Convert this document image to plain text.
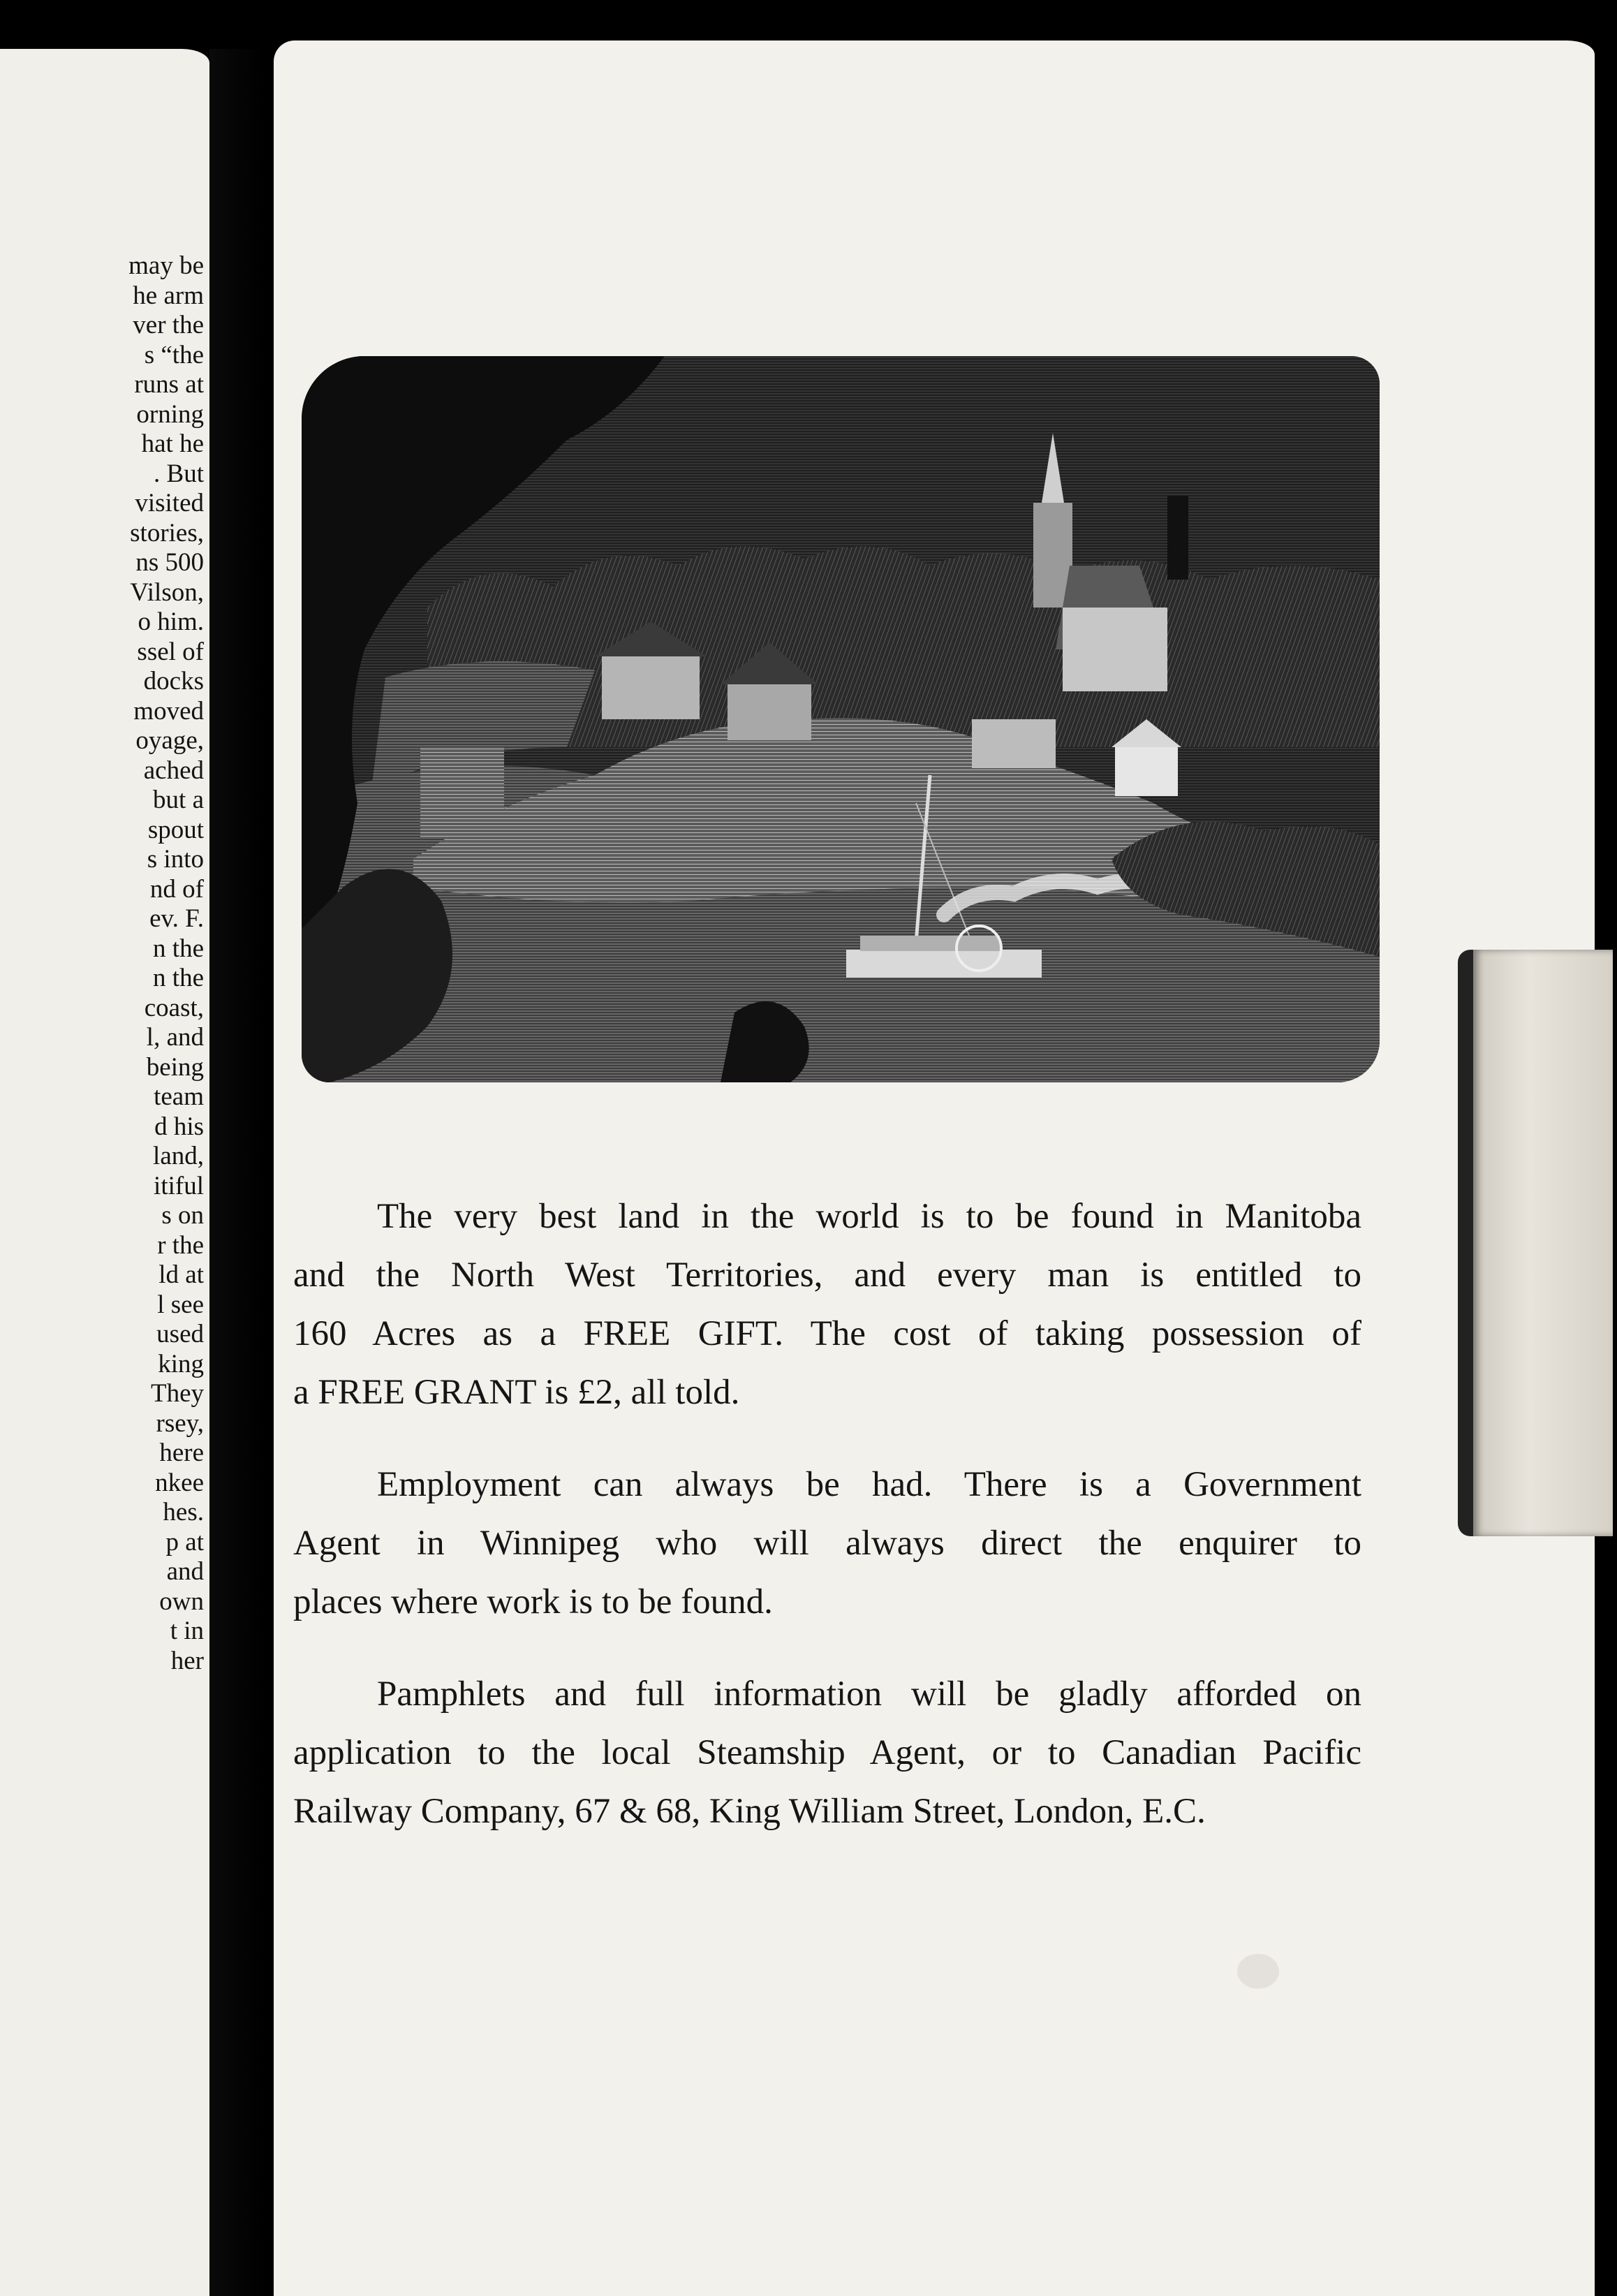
may be
he arm
ver the
s “the
runs at
orning
hat he
. But
visited
stories,
ns 500
Vilson,
o him.
ssel of
docks
moved
oyage,
ached
but a
spout
s into
nd of
ev. F.
n the
n the
coast,
l, and
being
team
d his
land,
itiful
s on
r the
ld at
l see
used
king
They
rsey,
here
nkee
hes.
p at
and
own
t in
her

The very best land in the world is to be found in Manitoba
and the North West Territories, and every man is entitled to
160 Acres as a FREE GIFT. The cost of taking possession of
a FREE GRANT is £2, all told.

Employment can always be had. There is a Government
Agent in Winnipeg who will always direct the enquirer to
places where work is to be found.

Pamphlets and full information will be gladly afforded on
application to the local Steamship Agent, or to Canadian Pacific
Railway Company, 67 & 68, King William Street, London, E.C.
